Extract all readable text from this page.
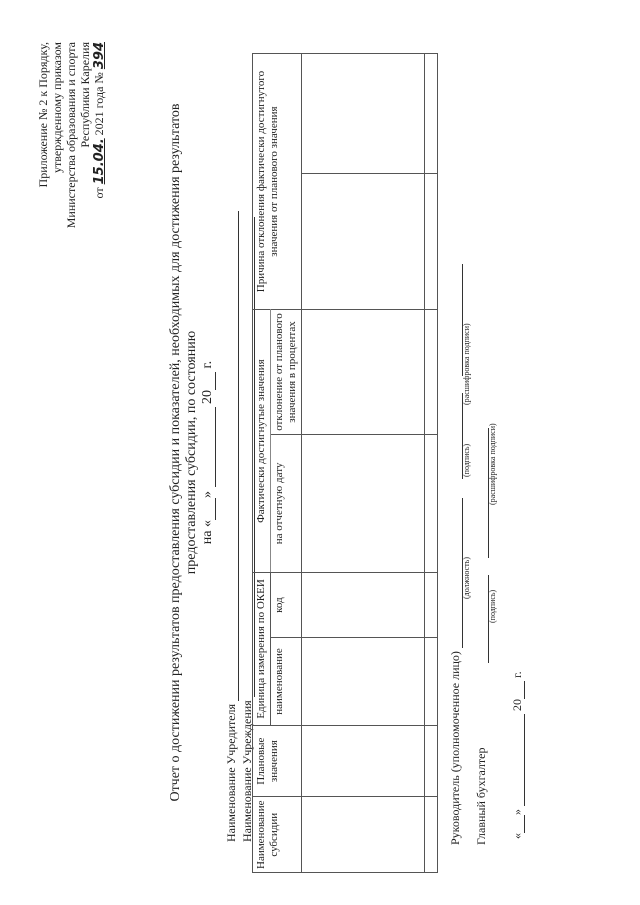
Приложение № 2 к Порядку, утвержденному приказом Министерства образования и спорта Республики Карелия
от 15.04. 2021 года № 394
Отчет о достижении результатов предоставления субсидии и показателей, необходимых для достижения результатов предоставления субсидии, по состоянию на «»  20 г.
Наименование Учредителя Наименование Учреждения Наименование субсидии	Плановые значения	Единица измерения по ОКЕИ		Фактически достигнутые значения		Причина отклонения фактически достигнутого значения от планового значения	
		наименование	код	на отчетную дату	отклонение от планового значения в процентах		

Руководитель (уполномоченное лицо)
(должность)
(подпись)
(расшифровка подписи)
Главный бухгалтер
(подпись)
(расшифровка подписи)
«»  20 г.
